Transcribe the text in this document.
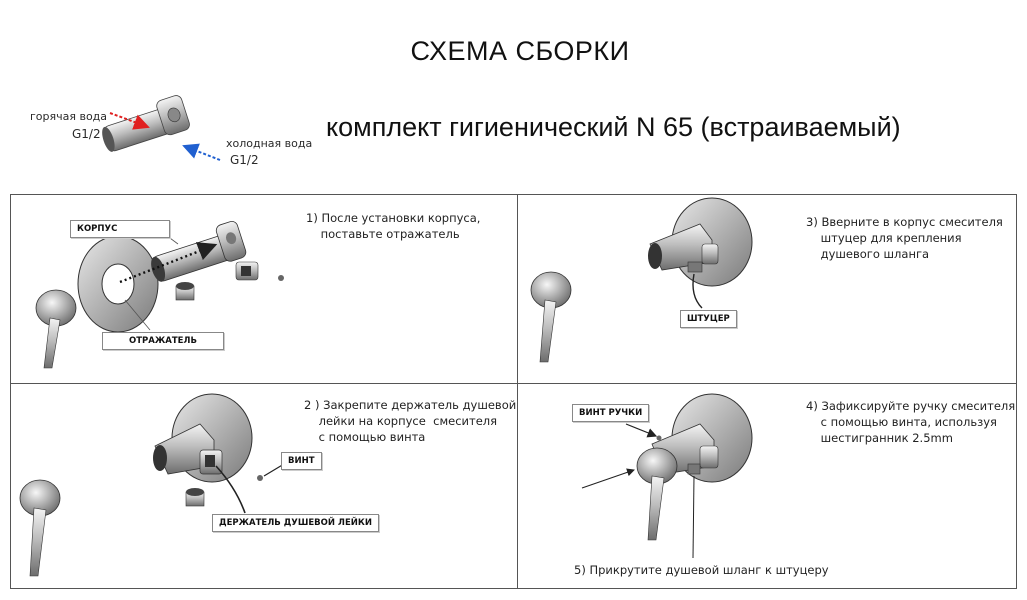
СХЕМА СБОРКИ
комплект гигиенический N 65 (встраиваемый)
горячая вода
G1/2
холодная вода
G1/2
1) После установки корпуса,
поставьте отражатель
КОРПУС
ОТРАЖАТЕЛЬ
3) Вверните в корпус смесителя
штуцер для крепления
душевого шланга
ШТУЦЕР
2 ) Закрепите держатель душевой
лейки на корпусе  смесителя
с помощью винта
ВИНТ
ДЕРЖАТЕЛЬ ДУШЕВОЙ ЛЕЙКИ
4) Зафиксируйте ручку смесителя
с помощью винта, используя
шестигранник 2.5mm
5) Прикрутите душевой шланг к штуцеру
ВИНТ РУЧКИ
